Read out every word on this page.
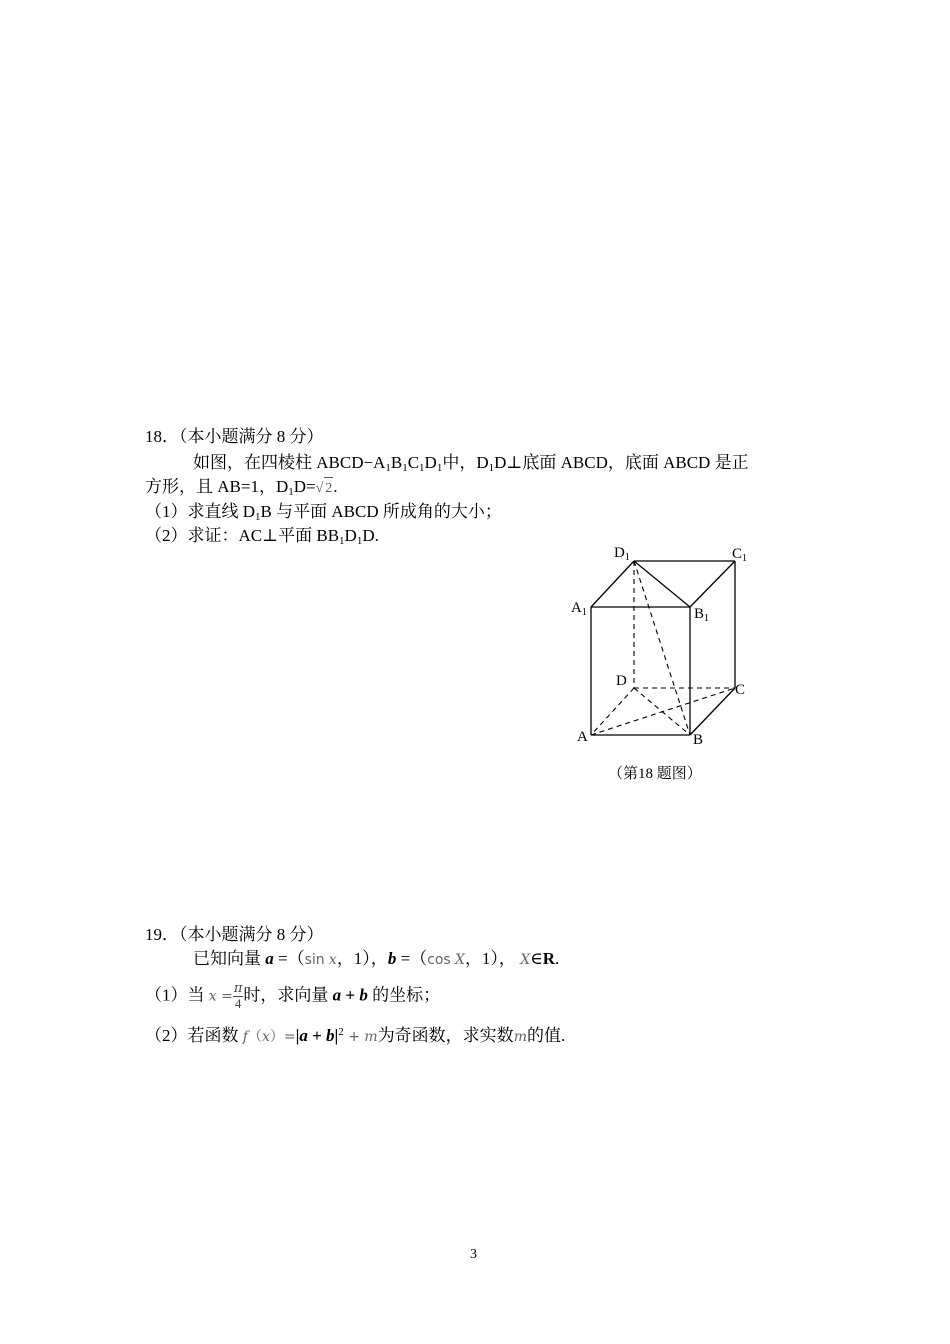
18．（本小题满分 8 分）
如图，在四棱柱 $ABCD-A_1B_1C_1D_1$中，$D_1D\perp$底面 ABCD，底面 ABCD 是正
方形，且 AB=1，$D_1D=√$ 2.
（1）求直线 $D_1B$ 与平面 ABCD 所成角的大小；
（2）求证：AC⊥平面 $BB_1D_1D$.
$D_1$	$C_1$
$A_1$	$B_1$
D
C
A	B
（第18 题图）
19．（本小题满分 8 分）
已知向量 a =（sin x，1），b =（cos X，1）， X∈R.
（1）当 $x = \frac{\pi}{4}$ 时，求向量 a + b 的坐标；
（2）若函数 $f(x)=|a + b|^2 + m$为奇函数，求实数m的值.
3
